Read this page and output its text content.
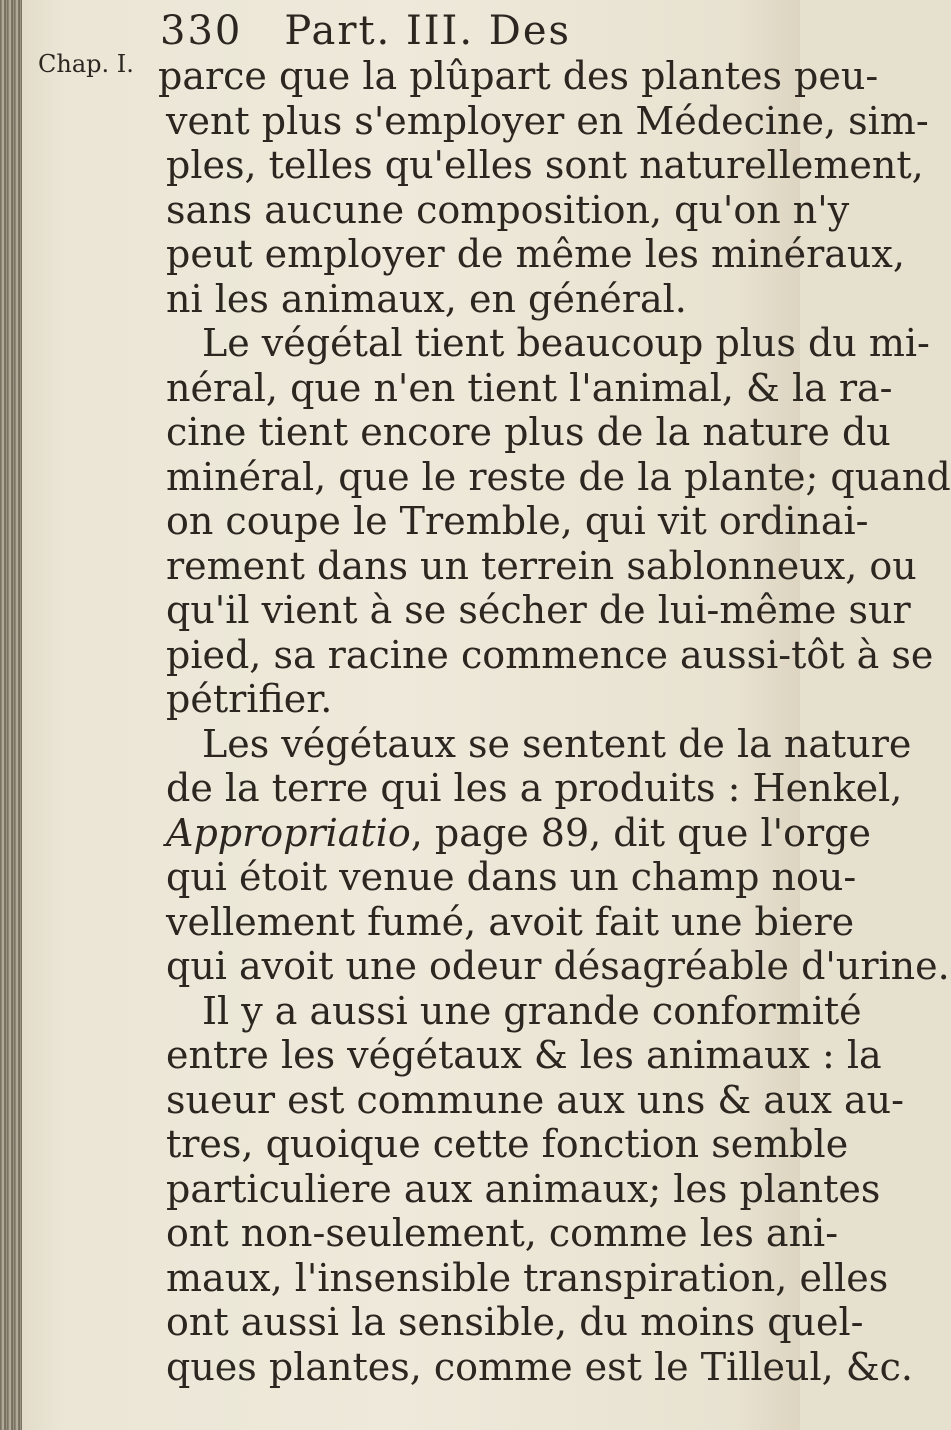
330 Part. III. Des
Chap. I. parce que la plûpart des plantes peu-
vent plus s'employer en Médecine, sim-
ples, telles qu'elles sont naturellement,
sans aucune composition, qu'on n'y
peut employer de même les minéraux,
ni les animaux, en général.
Le végétal tient beaucoup plus du mi-
néral, que n'en tient l'animal, & la ra-
cine tient encore plus de la nature du
minéral, que le reste de la plante; quand
on coupe le Tremble, qui vit ordinai-
rement dans un terrein sablonneux, ou
qu'il vient à se sécher de lui-même sur
pied, sa racine commence aussi-tôt à se
pétrifier.
Les végétaux se sentent de la nature
de la terre qui les a produits : Henkel,
Appropriatio, page 89, dit que l'orge
qui étoit venue dans un champ nou-
vellement fumé, avoit fait une biere
qui avoit une odeur désagréable d'urine.
Il y a aussi une grande conformité
entre les végétaux & les animaux : la
sueur est commune aux uns & aux au-
tres, quoique cette fonction semble
particuliere aux animaux; les plantes
ont non-seulement, comme les ani-
maux, l'insensible transpiration, elles
ont aussi la sensible, du moins quel-
ques plantes, comme est le Tilleul, &c.
